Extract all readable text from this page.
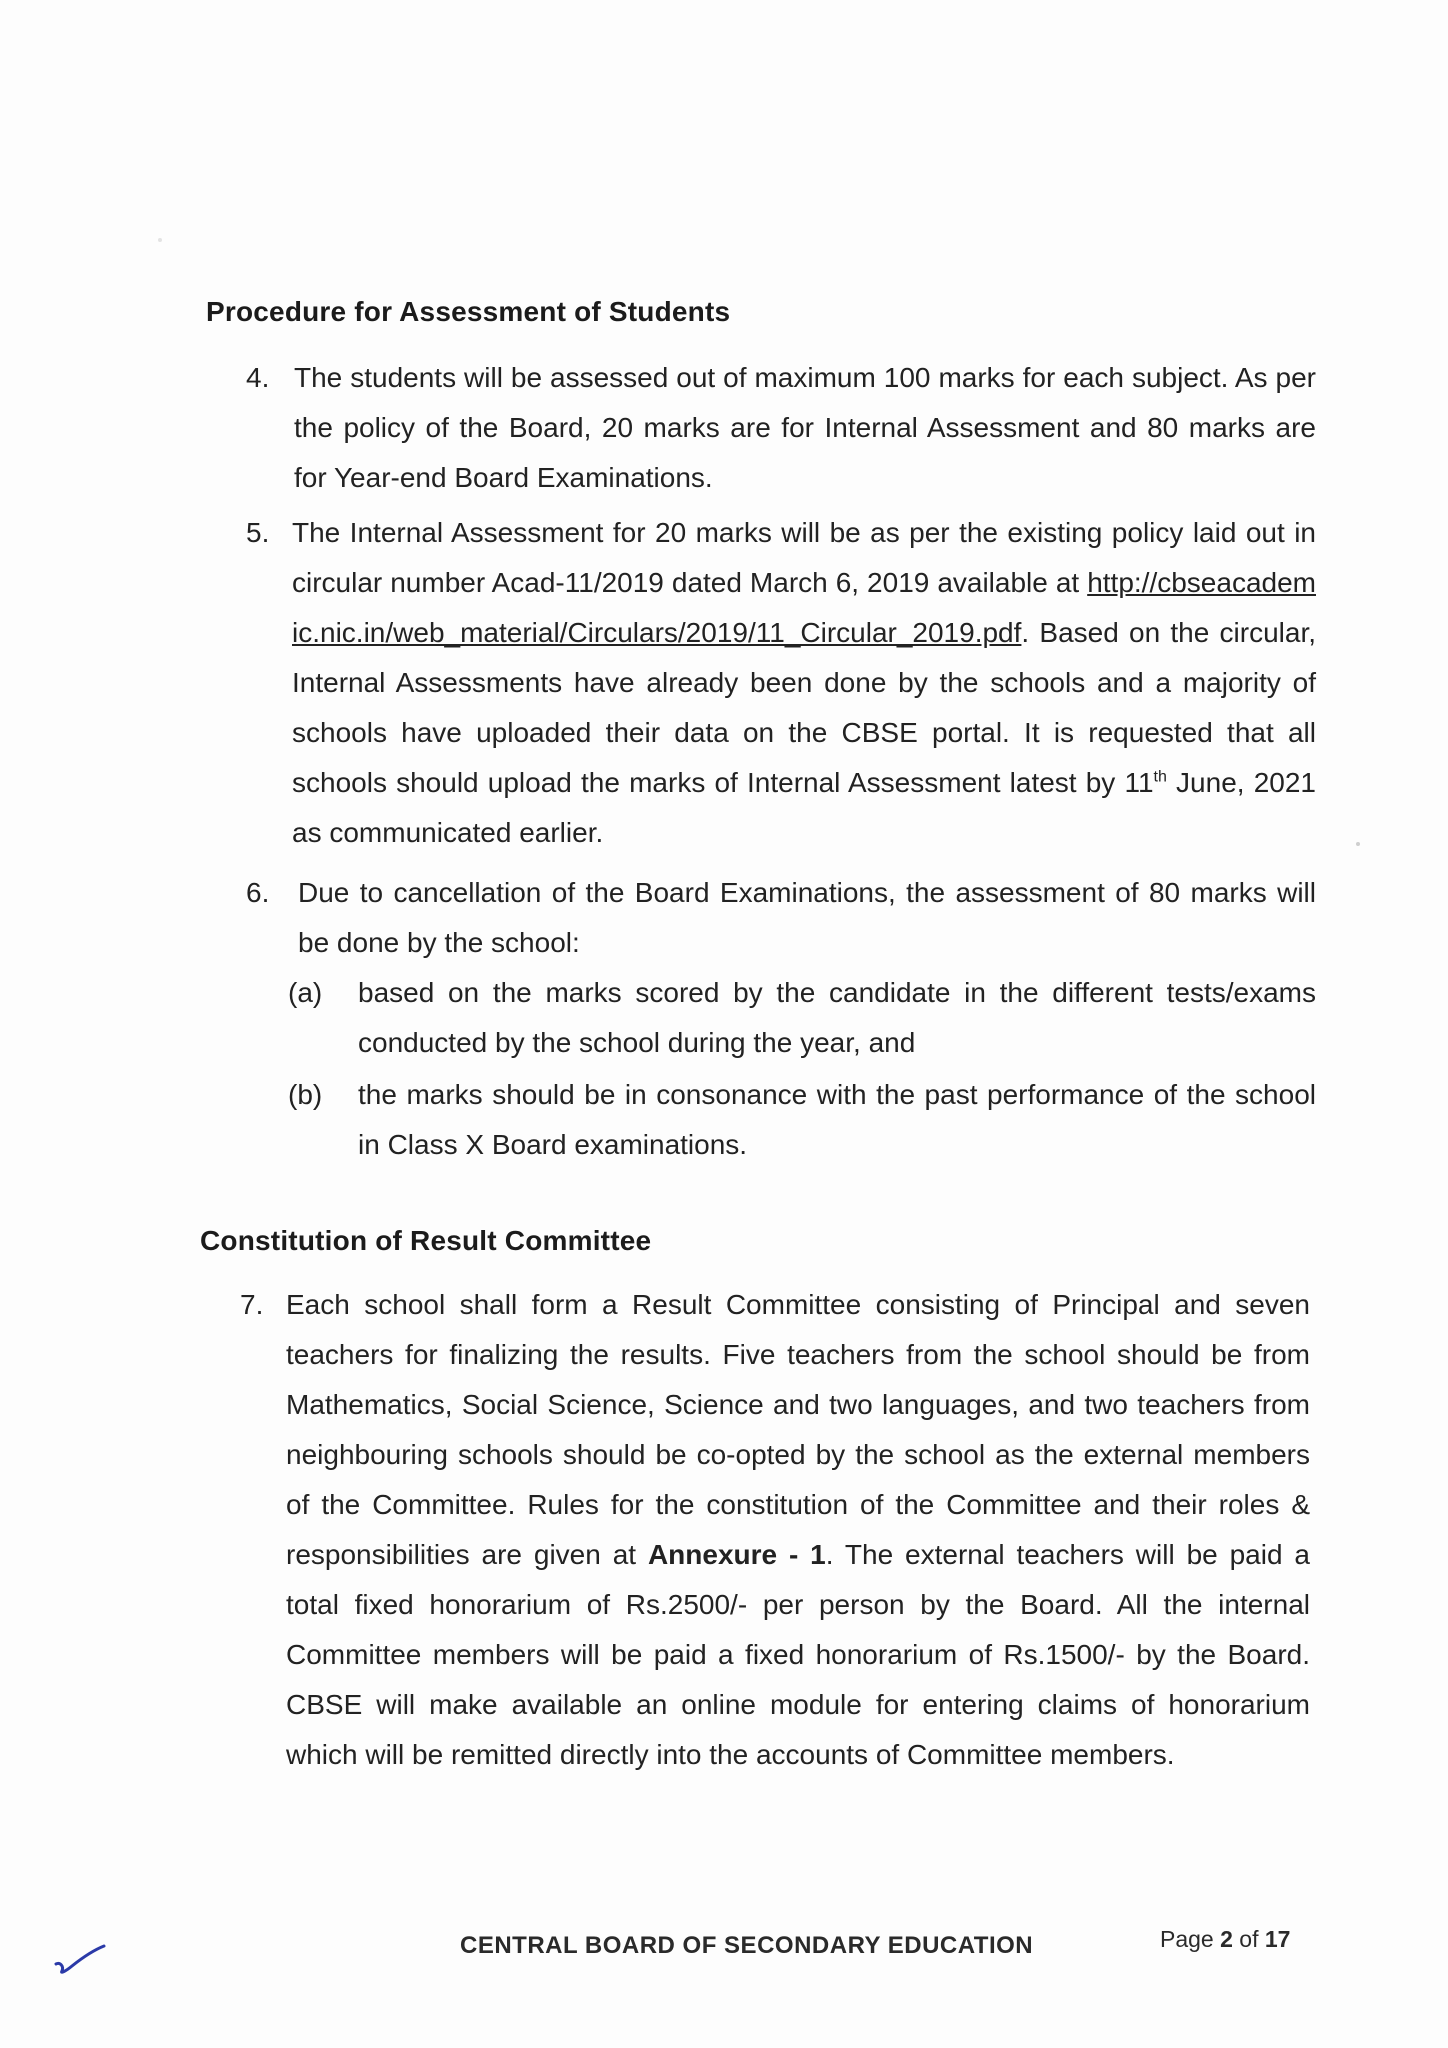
Procedure for Assessment of Students
4. The students will be assessed out of maximum 100 marks for each subject. As per the policy of the Board, 20 marks are for Internal Assessment and 80 marks are for Year-end Board Examinations.
5. The Internal Assessment for 20 marks will be as per the existing policy laid out in circular number Acad-11/2019 dated March 6, 2019 available at http://cbseacademic.nic.in/web_material/Circulars/2019/11_Circular_2019.pdf. Based on the circular, Internal Assessments have already been done by the schools and a majority of schools have uploaded their data on the CBSE portal. It is requested that all schools should upload the marks of Internal Assessment latest by 11th June, 2021 as communicated earlier.
6. Due to cancellation of the Board Examinations, the assessment of 80 marks will be done by the school:
(a) based on the marks scored by the candidate in the different tests/exams conducted by the school during the year, and
(b) the marks should be in consonance with the past performance of the school in Class X Board examinations.
Constitution of Result Committee
7. Each school shall form a Result Committee consisting of Principal and seven teachers for finalizing the results. Five teachers from the school should be from Mathematics, Social Science, Science and two languages, and two teachers from neighbouring schools should be co-opted by the school as the external members of the Committee. Rules for the constitution of the Committee and their roles & responsibilities are given at Annexure - 1. The external teachers will be paid a total fixed honorarium of Rs.2500/- per person by the Board. All the internal Committee members will be paid a fixed honorarium of Rs.1500/- by the Board. CBSE will make available an online module for entering claims of honorarium which will be remitted directly into the accounts of Committee members.
CENTRAL BOARD OF SECONDARY EDUCATION	Page 2 of 17
